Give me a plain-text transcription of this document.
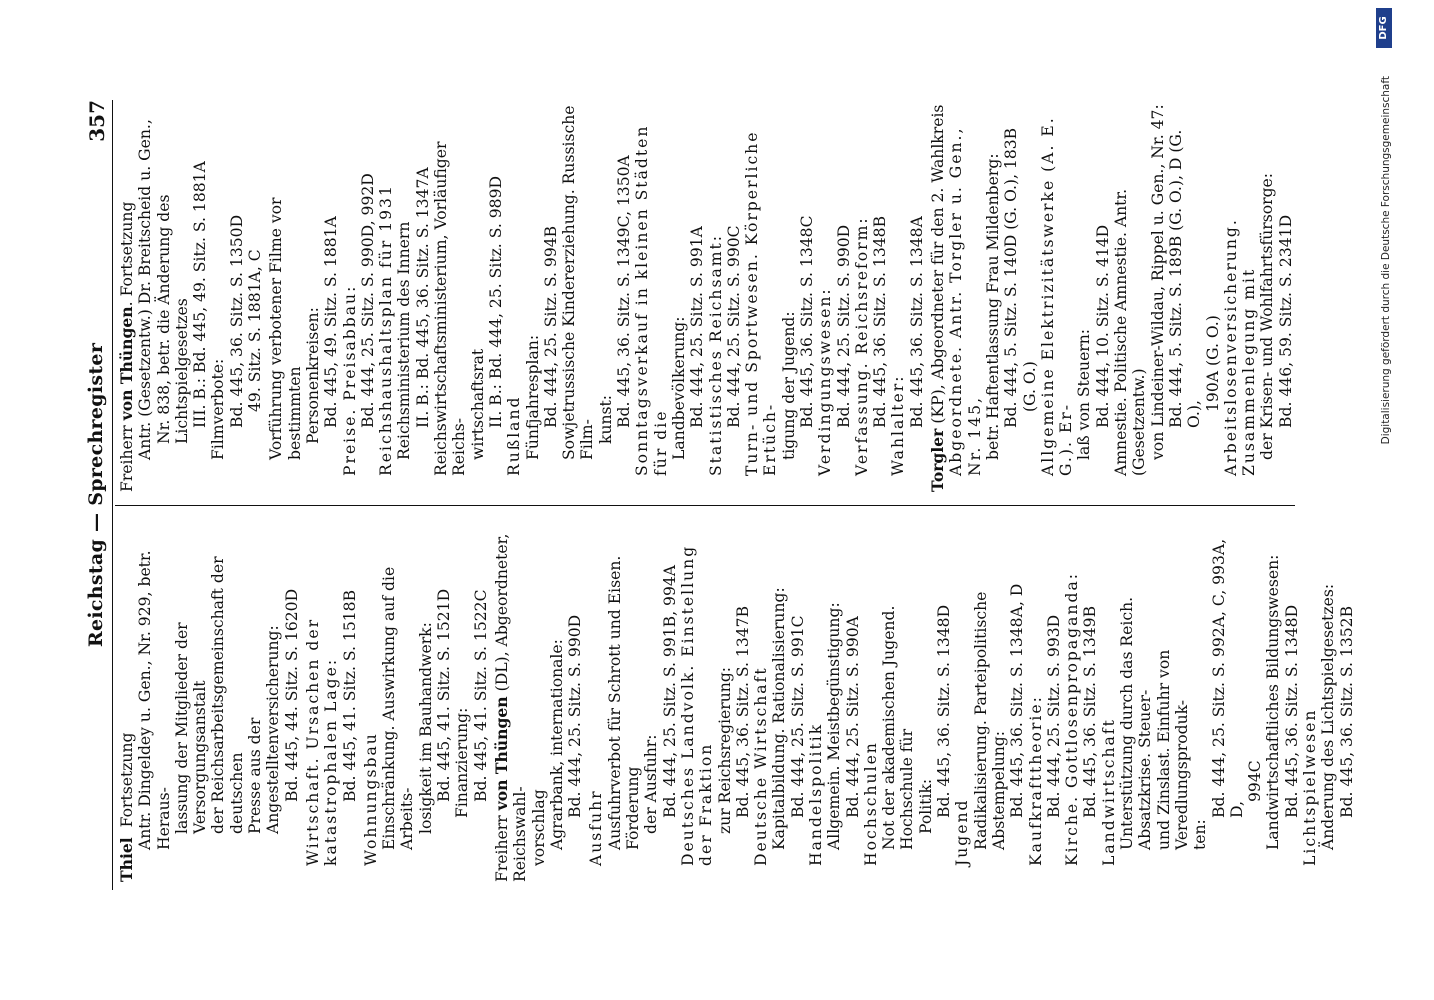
Reichstag — Sprechregister
357
Thiel  Fortsetzung Antr. Dingeldey u. Gen., Nr. 929, betr. Heraus- lassung der Mitglieder der Versorgungsanstalt der Reichsarbeitsgemeinschaft der deutschen Presse aus der Angestelltenversicherung: Bd. 445, 44. Sitz. S. 1620D Wirtschaft. Ursachen der katastrophalen Lage: Bd. 445, 41. Sitz. S. 1518B Wohnungsbau Einschränkung. Auswirkung auf die Arbeits- losigkeit im Bauhandwerk: Bd. 445, 41. Sitz. S. 1521D Finanzierung: Bd. 445, 41. Sitz. S. 1522C
Freiherr von Thüngen (DL), Abgeordneter, Reichswahl- vorschlag Agrarbank, internationale: Bd. 444, 25. Sitz. S. 990D
Ausfuhr Ausfuhrverbot für Schrott und Eisen. Förderung der Ausfuhr: Bd. 444, 25. Sitz. S. 991B, 994A Deutsches Landvolk. Einstellung der Fraktion zur Reichsregierung: Bd. 445, 36. Sitz. S. 1347B Deutsche Wirtschaft Kapitalbildung. Rationalisierung: Bd. 444, 25. Sitz. S. 991C Handelspolitik Allgemein. Meistbegünstigung: Bd. 444, 25. Sitz. S. 990A Hochschulen Not der akademischen Jugend. Hochschule für Politik: Bd. 445, 36. Sitz. S. 1348D
Jugend Radikalisierung. Parteipolitische Abstempelung: Bd. 445, 36. Sitz. S. 1348A, D Kaufkrafttheorie: Bd. 444, 25. Sitz. S. 993D Kirche. Gottlosenpropaganda: Bd. 445, 36. Sitz. S. 1349B Landwirtschaft Unterstützung durch das Reich. Absatzkrise. Steuer- und Zinslast. Einfuhr von Veredlungsproduk- ten:
Bd. 444, 25. Sitz. S. 992A, C, 993A, D,
994C Landwirtschaftliches Bildungswesen: Bd. 445, 36. Sitz. S. 1348D Lichtspielwesen Änderung des Lichtspielgesetzes: Bd. 445, 36. Sitz. S. 1352B
Freiherr von Thüngen. Fortsetzung Antr. (Gesetzentw.) Dr. Breitscheid u. Gen., Nr. 838, betr. die Änderung des Lichtspielgesetzes III. B.: Bd. 445, 49. Sitz. S. 1881A Filmverbote: Bd. 445, 36. Sitz. S. 1350D 49. Sitz. S. 1881A, C Vorführung verbotener Filme vor bestimmten Personenkreisen: Bd. 445, 49. Sitz. S. 1881A Preise. Preisabbau: Bd. 444, 25. Sitz. S. 990D, 992D Reichshaushaltsplan für 1931 Reichsministerium des Innern II. B.: Bd. 445, 36. Sitz. S. 1347A Reichswirtschaftsministerium, Vorläufiger Reichs- wirtschaftsrat II. B.: Bd. 444, 25. Sitz. S. 989D
Rußland Fünfjahresplan: Bd. 444, 25. Sitz. S. 994B Sowjetrussische Kindererziehung. Russische Film- kunst: Bd. 445, 36. Sitz. S. 1349C, 1350A Sonntagsverkauf in kleinen Städten für die Landbevölkerung: Bd. 444, 25. Sitz. S. 991A Statistisches Reichsamt: Bd. 444, 25. Sitz. S. 990C Turn- und Sportwesen. Körperliche Ertüch- tigung der Jugend: Bd. 445, 36. Sitz. S. 1348C Verdingungswesen: Bd. 444, 25. Sitz. S. 990D Verfassung. Reichsreform: Bd. 445, 36. Sitz. S. 1348B Wahlalter: Bd. 445, 36. Sitz. S. 1348A
Torgler (KP), Abgeordneter für den 2. Wahlkreis Abgeordnete. Antr. Torgler u. Gen., Nr. 145, betr. Haftentlassung Frau Mildenberg: Bd. 444, 5. Sitz. S. 140D (G. O.), 183B (G. O.) Allgemeine Elektrizitätswerke (A. E. G.). Er- laß von Steuern: Bd. 444, 10. Sitz. S. 414D Amnestie. Politische Amnestie. Antr. (Gesetzentw.) von Lindeiner-Wildau, Rippel u. Gen., Nr. 47: Bd. 444, 5. Sitz. S. 189B (G. O.), D (G. O.),
190A (G. O.) Arbeitslosenversicherung. Zusammenlegung mit der Krisen- und Wohlfahrtsfürsorge: Bd. 446, 59. Sitz. S. 2341D	Digitalisierung gefördert durch die Deutsche Forschungsgemeinschaft
DFG
